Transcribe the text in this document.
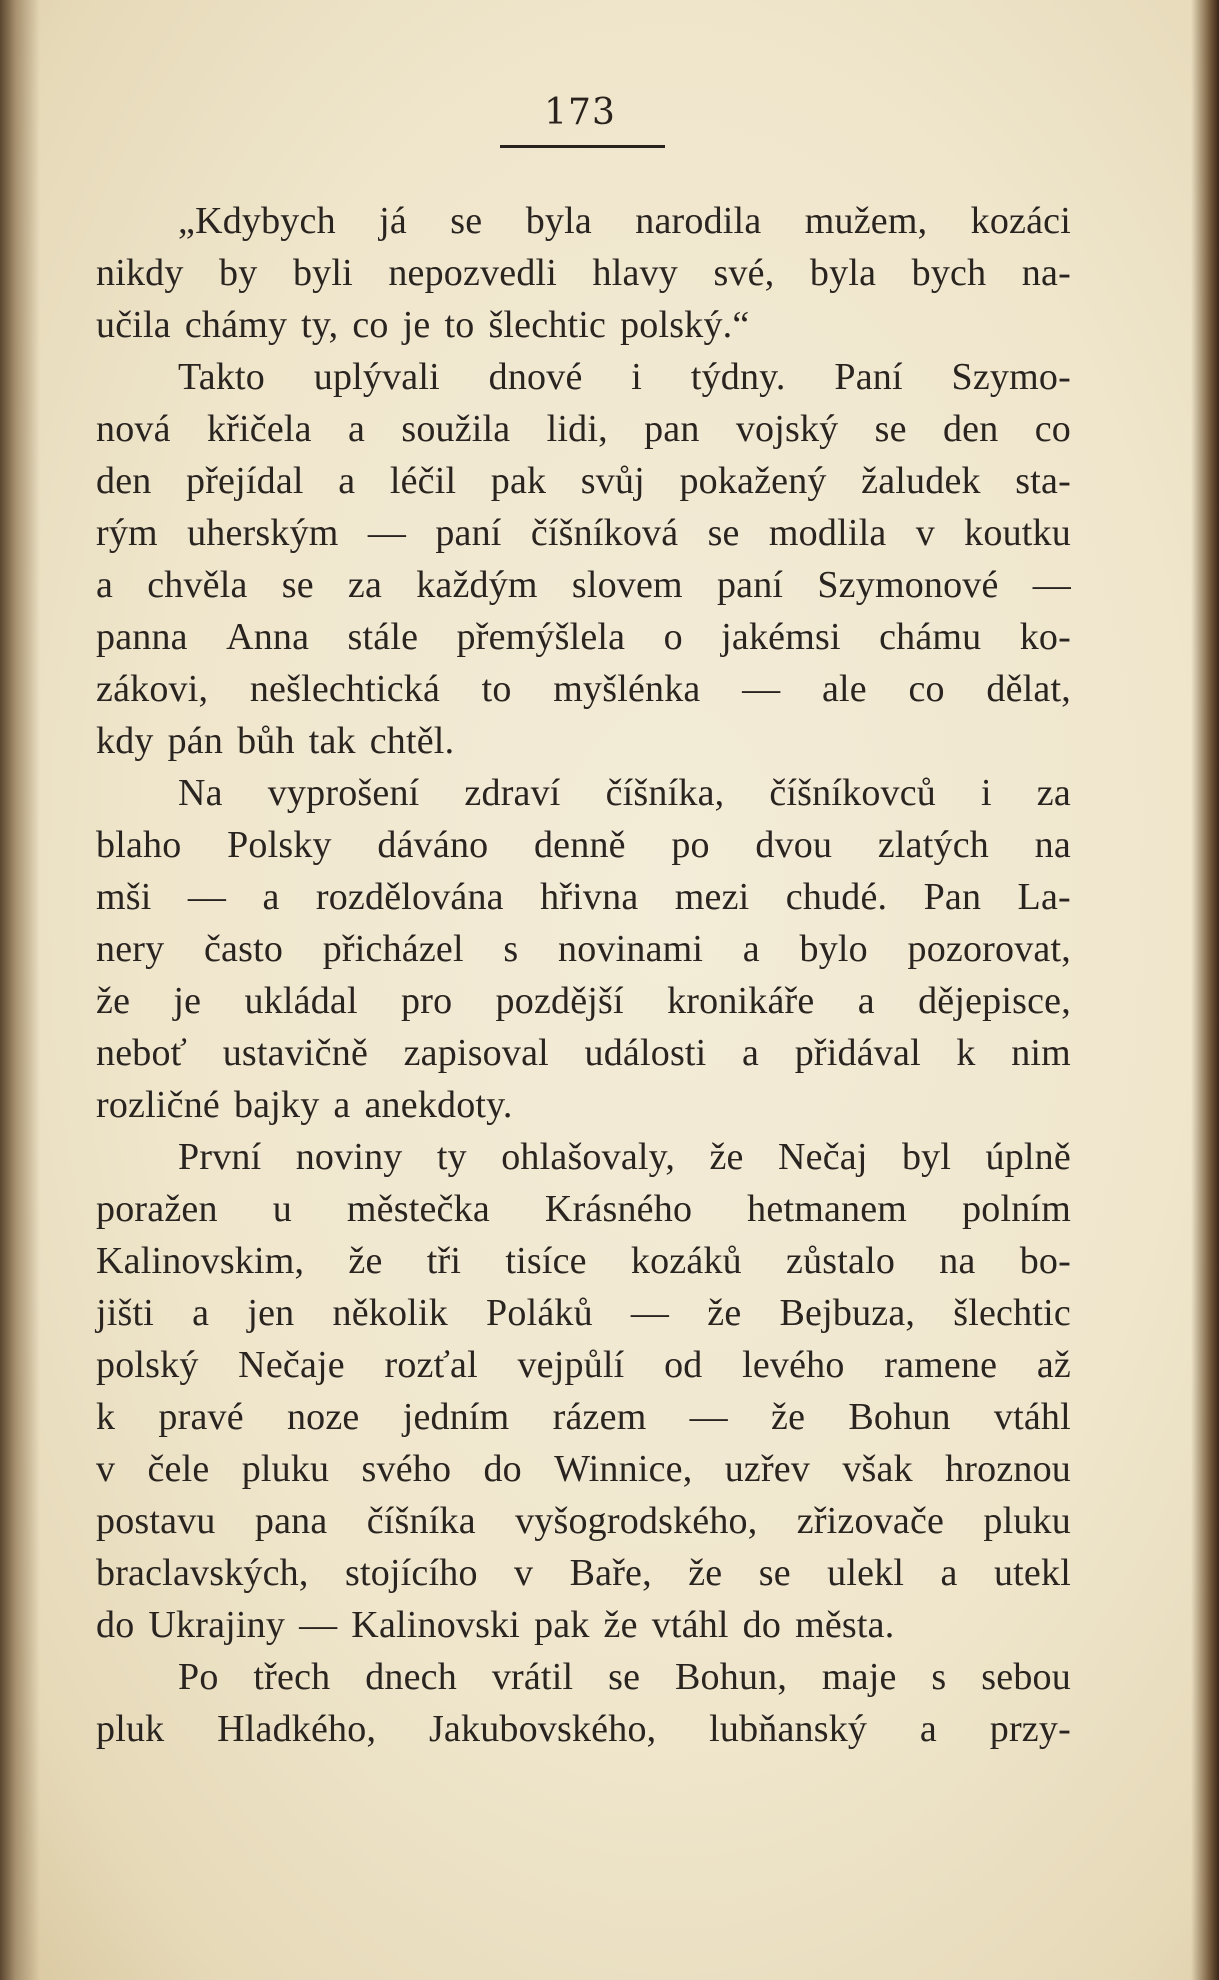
173
„Kdybych já se byla narodila mužem, kozáci
nikdy by byli nepozvedli hlavy své, byla bych na-
učila chámy ty, co je to šlechtic polský.“
Takto uplývali dnové i týdny. Paní Szymo-
nová křičela a soužila lidi, pan vojský se den co
den přejídal a léčil pak svůj pokažený žaludek sta-
rým uherským — paní číšníková se modlila v koutku
a chvěla se za každým slovem paní Szymonové —
panna Anna stále přemýšlela o jakémsi chámu ko-
zákovi, nešlechtická to myšlénka — ale co dělat,
kdy pán bůh tak chtěl.
Na vyprošení zdraví číšníka, číšníkovců i za
blaho Polsky dáváno denně po dvou zlatých na
mši — a rozdělována hřivna mezi chudé. Pan La-
nery často přicházel s novinami a bylo pozorovat,
že je ukládal pro pozdější kronikáře a dějepisce,
neboť ustavičně zapisoval události a přidával k nim
rozličné bajky a anekdoty.
První noviny ty ohlašovaly, že Nečaj byl úplně
poražen u městečka Krásného hetmanem polním
Kalinovskim, že tři tisíce kozáků zůstalo na bo-
jišti a jen několik Poláků — že Bejbuza, šlechtic
polský Nečaje rozťal vejpůlí od levého ramene až
k pravé noze jedním rázem — že Bohun vtáhl
v čele pluku svého do Winnice, uzřev však hroznou
postavu pana číšníka vyšogrodského, zřizovače pluku
braclavských, stojícího v Baře, že se ulekl a utekl
do Ukrajiny — Kalinovski pak že vtáhl do města.
Po třech dnech vrátil se Bohun, maje s sebou
pluk Hladkého, Jakubovského, lubňanský a przy-
